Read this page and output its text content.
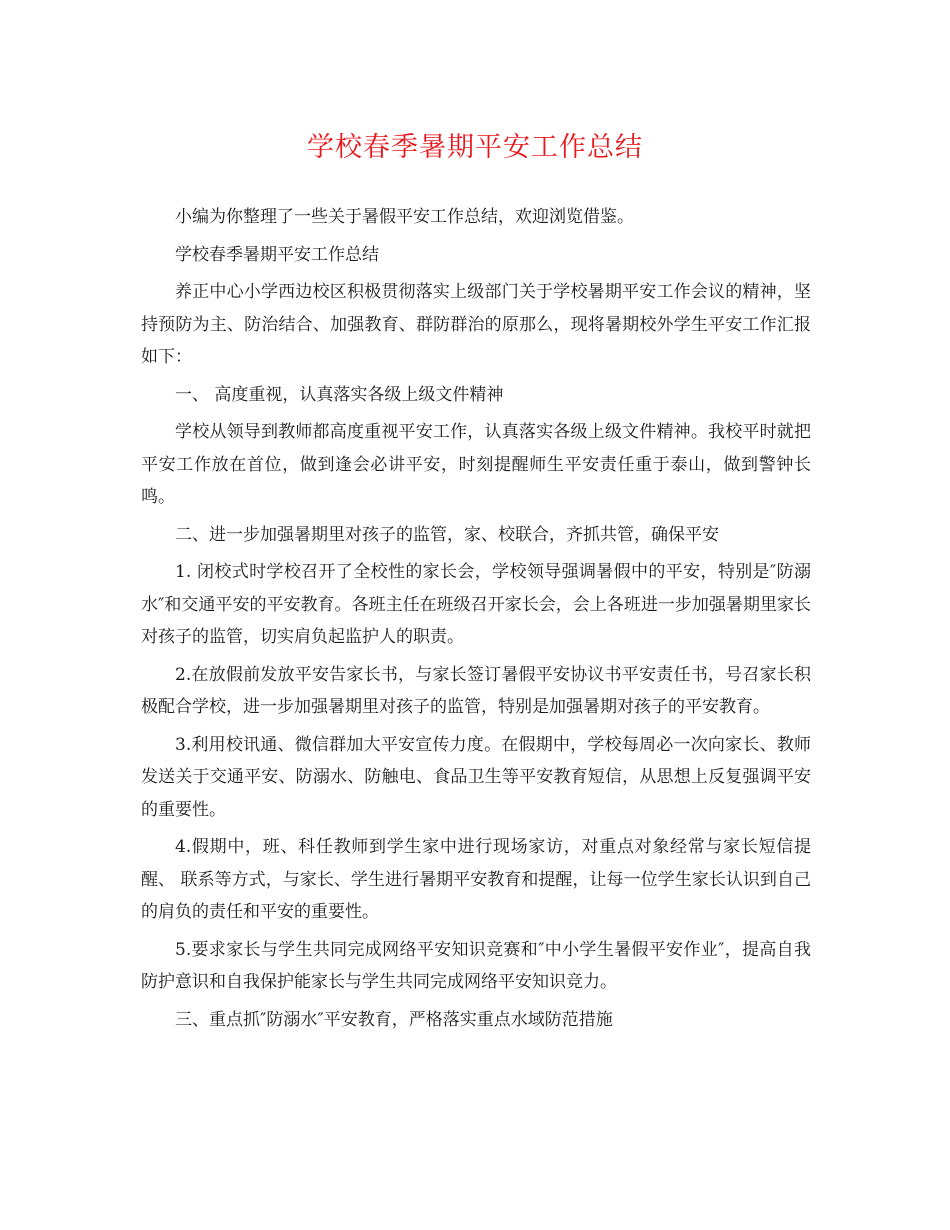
学校春季暑期平安工作总结

小编为你整理了一些关于暑假平安工作总结，欢迎浏览借鉴。

学校春季暑期平安工作总结

养正中心小学西边校区积极贯彻落实上级部门关于学校暑期平安工作会议的精神，坚持预防为主、防治结合、加强教育、群防群治的原那么，现将暑期校外学生平安工作汇报如下：

一、 高度重视，认真落实各级上级文件精神

学校从领导到教师都高度重视平安工作，认真落实各级上级文件精神。我校平时就把平安工作放在首位，做到逢会必讲平安，时刻提醒师生平安责任重于泰山，做到警钟长鸣。

二、进一步加强暑期里对孩子的监管，家、校联合，齐抓共管，确保平安

1. 闭校式时学校召开了全校性的家长会，学校领导强调暑假中的平安，特别是″防溺水″和交通平安的平安教育。各班主任在班级召开家长会，会上各班进一步加强暑期里家长对孩子的监管，切实肩负起监护人的职责。

2.在放假前发放平安告家长书，与家长签订暑假平安协议书平安责任书，号召家长积极配合学校，进一步加强暑期里对孩子的监管，特别是加强暑期对孩子的平安教育。

3.利用校讯通、微信群加大平安宣传力度。在假期中，学校每周必一次向家长、教师发送关于交通平安、防溺水、防触电、食品卫生等平安教育短信，从思想上反复强调平安的重要性。

4.假期中，班、科任教师到学生家中进行现场家访，对重点对象经常与家长短信提醒、 联系等方式，与家长、学生进行暑期平安教育和提醒，让每一位学生家长认识到自己的肩负的责任和平安的重要性。

5.要求家长与学生共同完成网络平安知识竞赛和″中小学生暑假平安作业″，提高自我防护意识和自我保护能家长与学生共同完成网络平安知识竞力。

三、重点抓″防溺水″平安教育，严格落实重点水域防范措施
